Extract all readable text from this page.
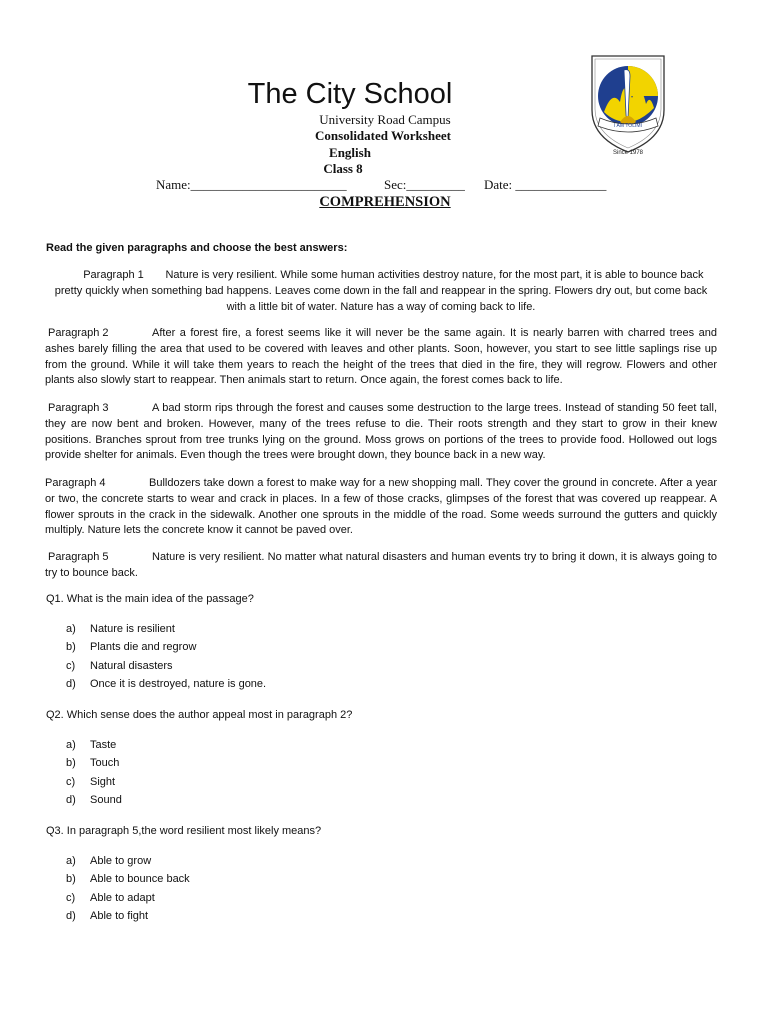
The City School
University Road Campus
Consolidated Worksheet
English
Class 8
Name:________________________	Sec:_________ Date: ______________
COMPREHENSION
I AM TOLIMI
Since 1978
Read the given paragraphs and choose the best answers:
Paragraph 1 Nature is very resilient. While some human activities destroy nature, for the most part, it is able to bounce back pretty quickly when something bad happens. Leaves come down in the fall and reappear in the spring. Flowers dry out, but come back with a little bit of water. Nature has a way of coming back to life.
Paragraph 2	After a forest fire, a forest seems like it will never be the same again. It is nearly barren with charred trees and ashes barely filling the area that used to be covered with leaves and other plants. Soon, however, you start to see little saplings rise up from the ground. While it will take them years to reach the height of the trees that died in the fire, they will regrow. Flowers and other plants also slowly start to reappear. Then animals start to return. Once again, the forest comes back to life.
Paragraph 3	A bad storm rips through the forest and causes some destruction to the large trees. Instead of standing 50 feet tall, they are now bent and broken. However, many of the trees refuse to die. Their roots strength and they start to grow in their knew positions. Branches sprout from tree trunks lying on the ground. Moss grows on portions of the trees to provide food. Hollowed out logs provide shelter for animals. Even though the trees were brought down, they bounce back in a new way.
Paragraph 4	Bulldozers take down a forest to make way for a new shopping mall. They cover the ground in concrete. After a year or two, the concrete starts to wear and crack in places. In a few of those cracks, glimpses of the forest that was covered up reappear. A flower sprouts in the crack in the sidewalk. Another one sprouts in the middle of the road. Some weeds surround the gutters and quickly multiply. Nature lets the concrete know it cannot be paved over.
Paragraph 5	Nature is very resilient. No matter what natural disasters and human events try to bring it down, it is always going to try to bounce back.
Q1. What is the main idea of the passage?
a) Nature is resilient
b) Plants die and regrow
c) Natural disasters
d) Once it is destroyed, nature is gone.
Q2. Which sense does the author appeal most in paragraph 2?
a) Taste
b) Touch
c) Sight
d) Sound
Q3. In paragraph 5,the word resilient most likely means?
a) Able to grow
b) Able to bounce back
c) Able to adapt
d) Able to fight
